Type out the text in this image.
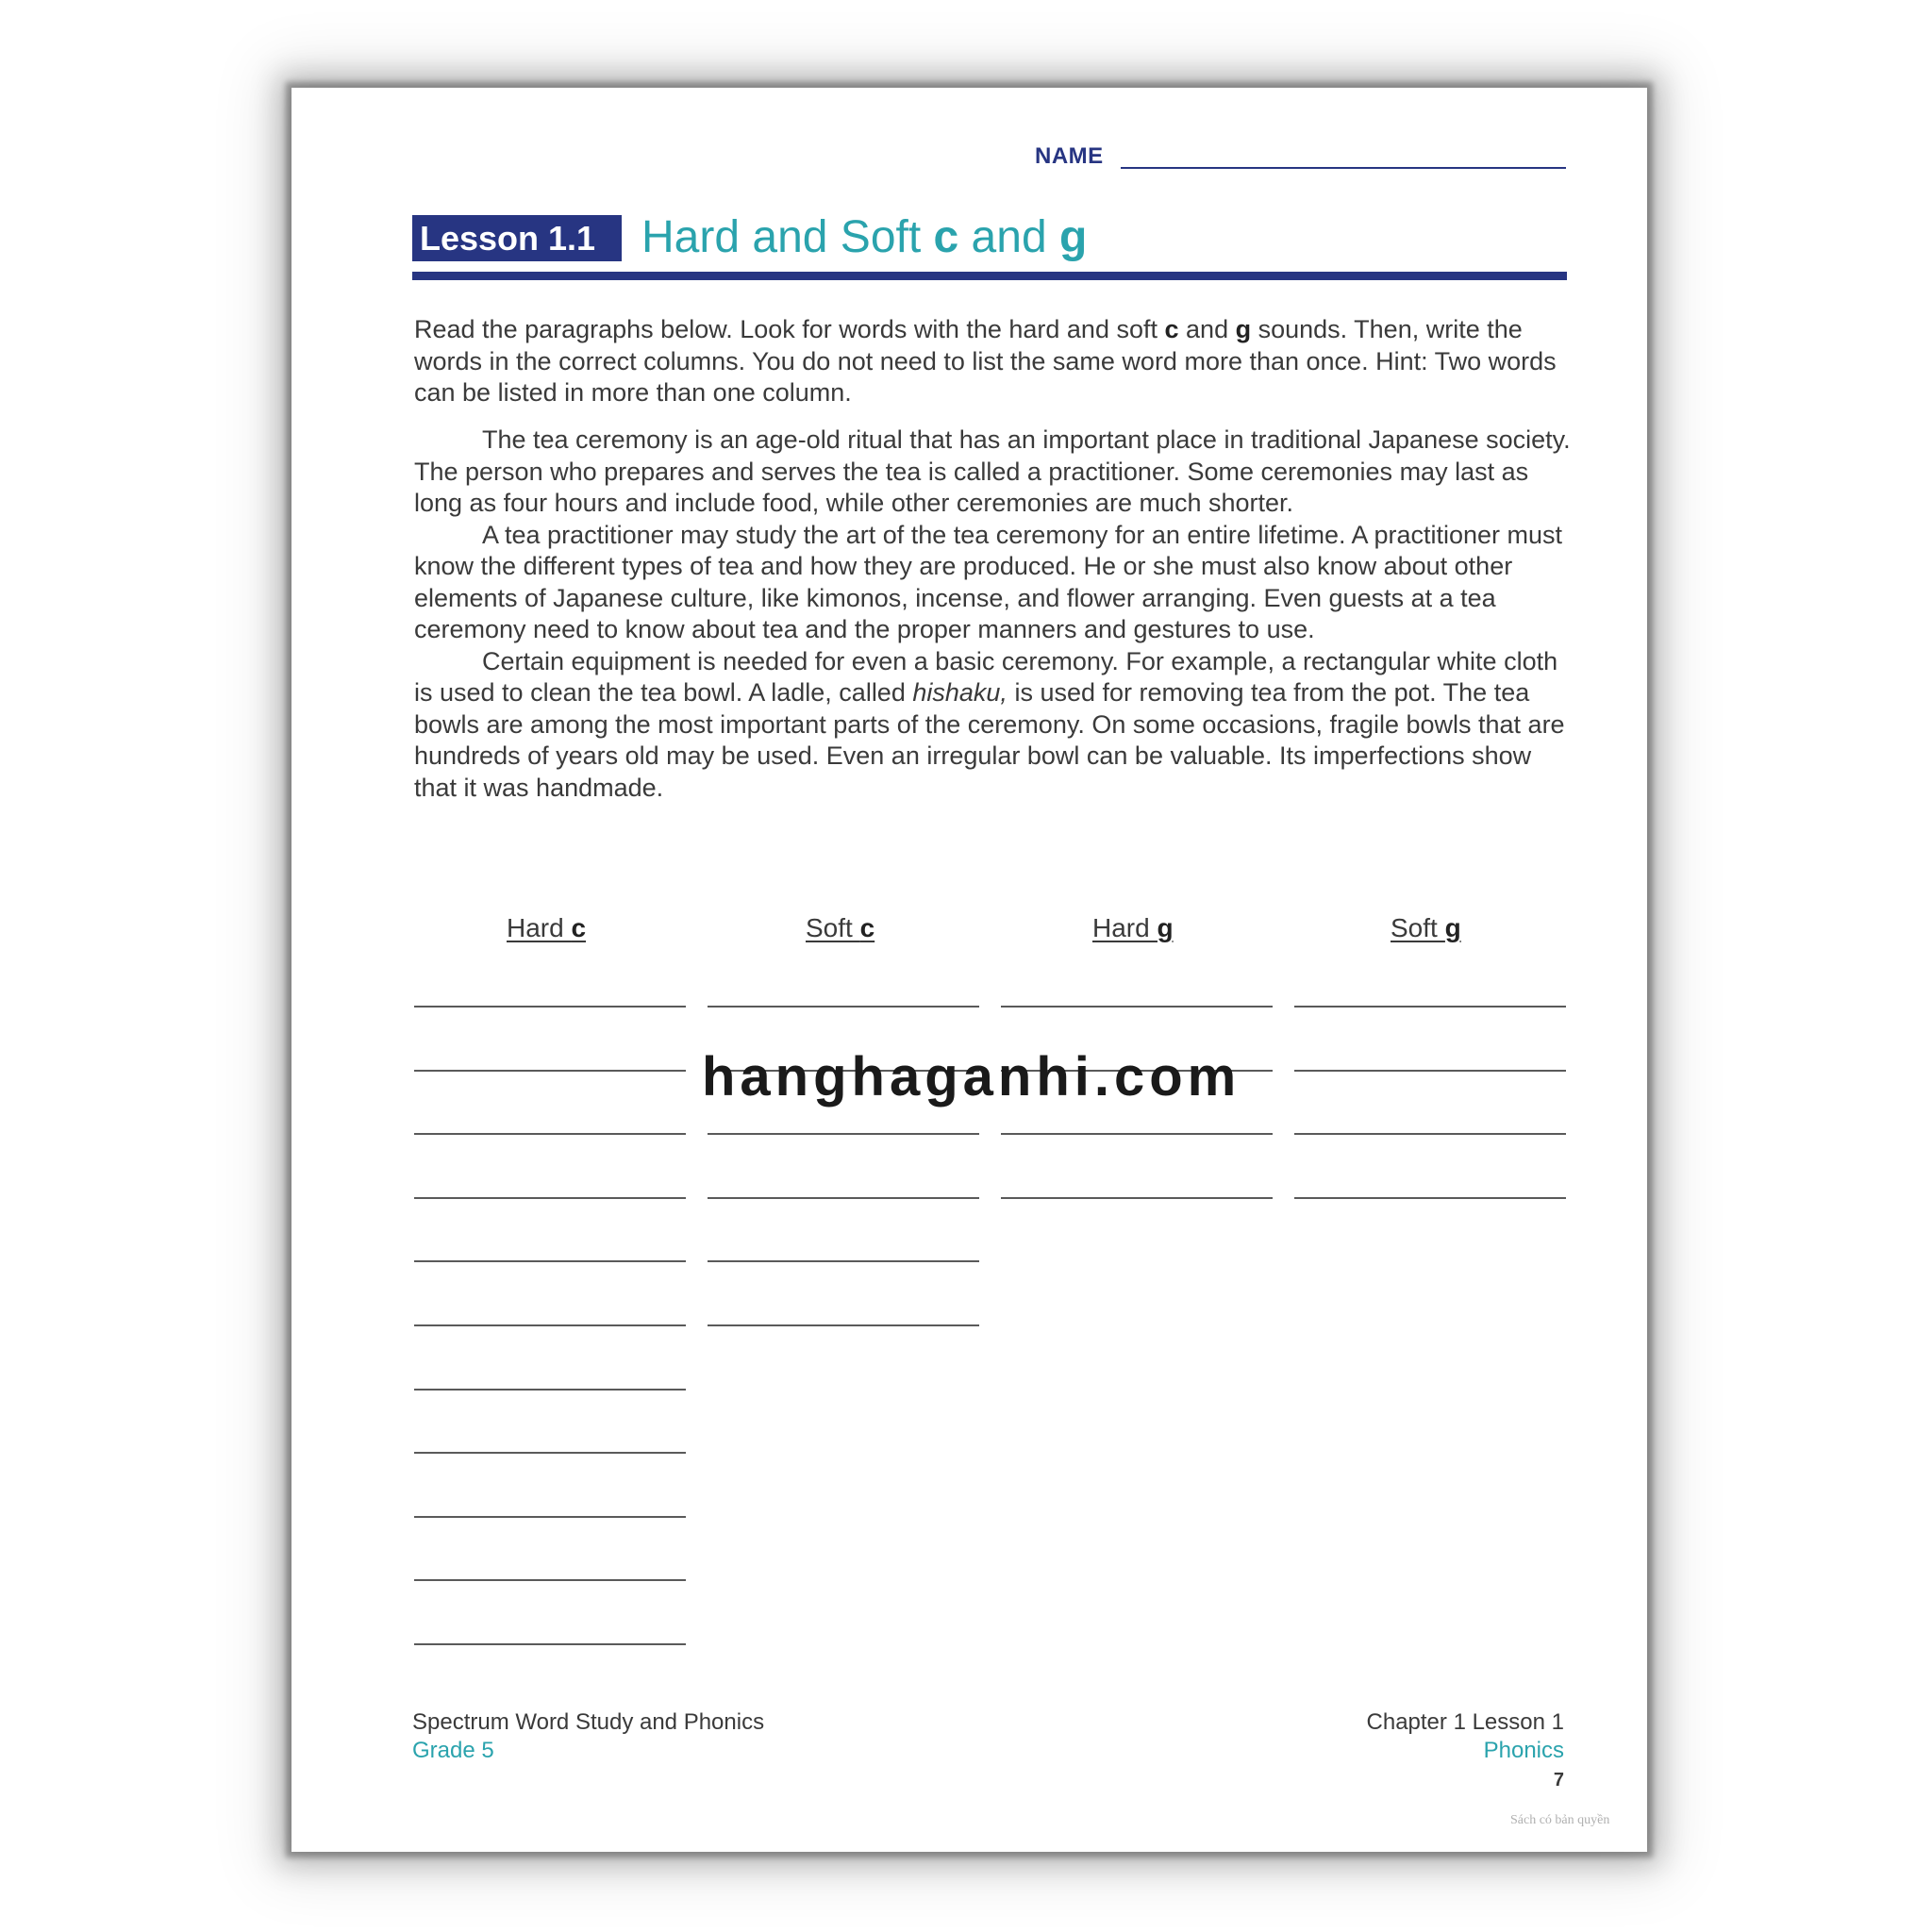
NAME
Lesson 1.1	Hard and Soft c and g
Read the paragraphs below. Look for words with the hard and soft c and g sounds. Then, write the words in the correct columns. You do not need to list the same word more than once. Hint: Two words can be listed in more than one column.

The tea ceremony is an age-old ritual that has an important place in traditional Japanese society. The person who prepares and serves the tea is called a practitioner. Some ceremonies may last as long as four hours and include food, while other ceremonies are much shorter.

A tea practitioner may study the art of the tea ceremony for an entire lifetime. A practitioner must know the different types of tea and how they are produced. He or she must also know about other elements of Japanese culture, like kimonos, incense, and flower arranging. Even guests at a tea ceremony need to know about tea and the proper manners and gestures to use.

Certain equipment is needed for even a basic ceremony. For example, a rectangular white cloth is used to clean the tea bowl. A ladle, called hishaku, is used for removing tea from the pot. The tea bowls are among the most important parts of the ceremony. On some occasions, fragile bowls that are hundreds of years old may be used. Even an irregular bowl can be valuable. Its imperfections show that it was handmade.

Hard c	Soft c	Hard g	Soft g
hanghaganhi.com
Spectrum Word Study and Phonics
Grade 5
Chapter 1 Lesson 1
Phonics
7
Sách có bản quyền
